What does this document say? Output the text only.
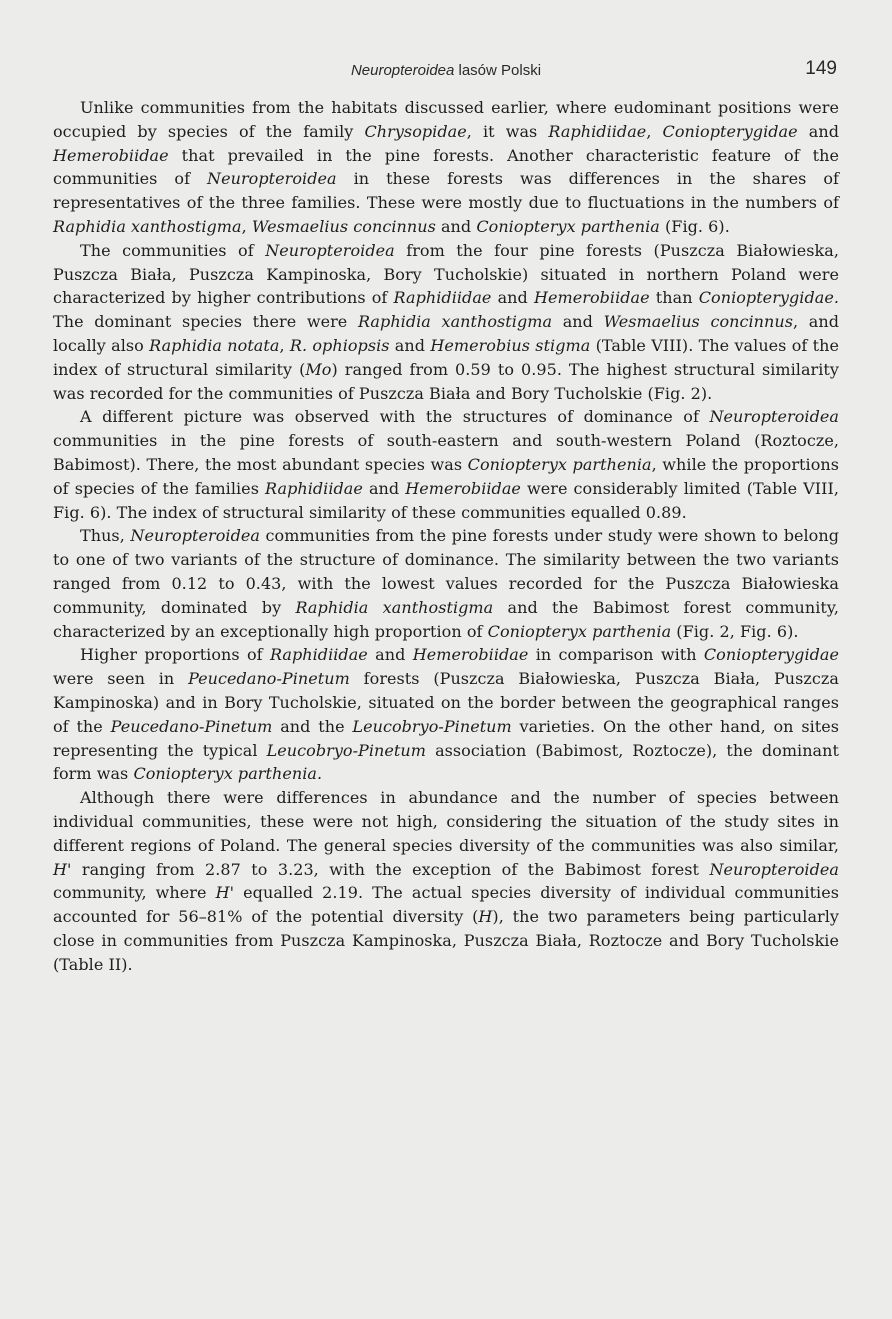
Neuropteroidea lasów Polski	149

Unlike communities from the habitats discussed earlier, where eudominant positions were occupied by species of the family Chrysopidae, it was Raphidiidae, Coniopterygidae and Hemerobiidae that prevailed in the pine forests. Another characteristic feature of the communities of Neuropteroidea in these forests was differences in the shares of representatives of the three families. These were mostly due to fluctuations in the numbers of Raphidia xanthostigma, Wesmaelius concinnus and Coniopteryx parthenia (Fig. 6).

The communities of Neuropteroidea from the four pine forests (Puszcza Białowieska, Puszcza Biała, Puszcza Kampinoska, Bory Tucholskie) situated in northern Poland were characterized by higher contributions of Raphidiidae and Hemerobiidae than Coniopterygidae. The dominant species there were Raphidia xanthostigma and Wesmaelius concinnus, and locally also Raphidia notata, R. ophiopsis and Hemerobius stigma (Table VIII). The values of the index of structural similarity (Mo) ranged from 0.59 to 0.95. The highest structural similarity was recorded for the communities of Puszcza Biała and Bory Tucholskie (Fig. 2).

A different picture was observed with the structures of dominance of Neuropteroidea communities in the pine forests of south-eastern and south-western Poland (Roztocze, Babimost). There, the most abundant species was Coniopteryx parthenia, while the proportions of species of the families Raphidiidae and Hemerobiidae were considerably limited (Table VIII, Fig. 6). The index of structural similarity of these communities equalled 0.89.

Thus, Neuropteroidea communities from the pine forests under study were shown to belong to one of two variants of the structure of dominance. The similarity between the two variants ranged from 0.12 to 0.43, with the lowest values recorded for the Puszcza Białowieska community, dominated by Raphidia xanthostigma and the Babimost forest community, characterized by an exceptionally high proportion of Coniopteryx parthenia (Fig. 2, Fig. 6).

Higher proportions of Raphidiidae and Hemerobiidae in comparison with Coniopterygidae were seen in Peucedano-Pinetum forests (Puszcza Białowieska, Puszcza Biała, Puszcza Kampinoska) and in Bory Tucholskie, situated on the border between the geographical ranges of the Peucedano-Pinetum and the Leucobryo-Pinetum varieties. On the other hand, on sites representing the typical Leucobryo-Pinetum association (Babimost, Roztocze), the dominant form was Coniopteryx parthenia.

Although there were differences in abundance and the number of species between individual communities, these were not high, considering the situation of the study sites in different regions of Poland. The general species diversity of the communities was also similar, H' ranging from 2.87 to 3.23, with the exception of the Babimost forest Neuropteroidea community, where H' equalled 2.19. The actual species diversity of individual communities accounted for 56–81% of the potential diversity (H), the two parameters being particularly close in communities from Puszcza Kampinoska, Puszcza Biała, Roztocze and Bory Tucholskie (Table II).
